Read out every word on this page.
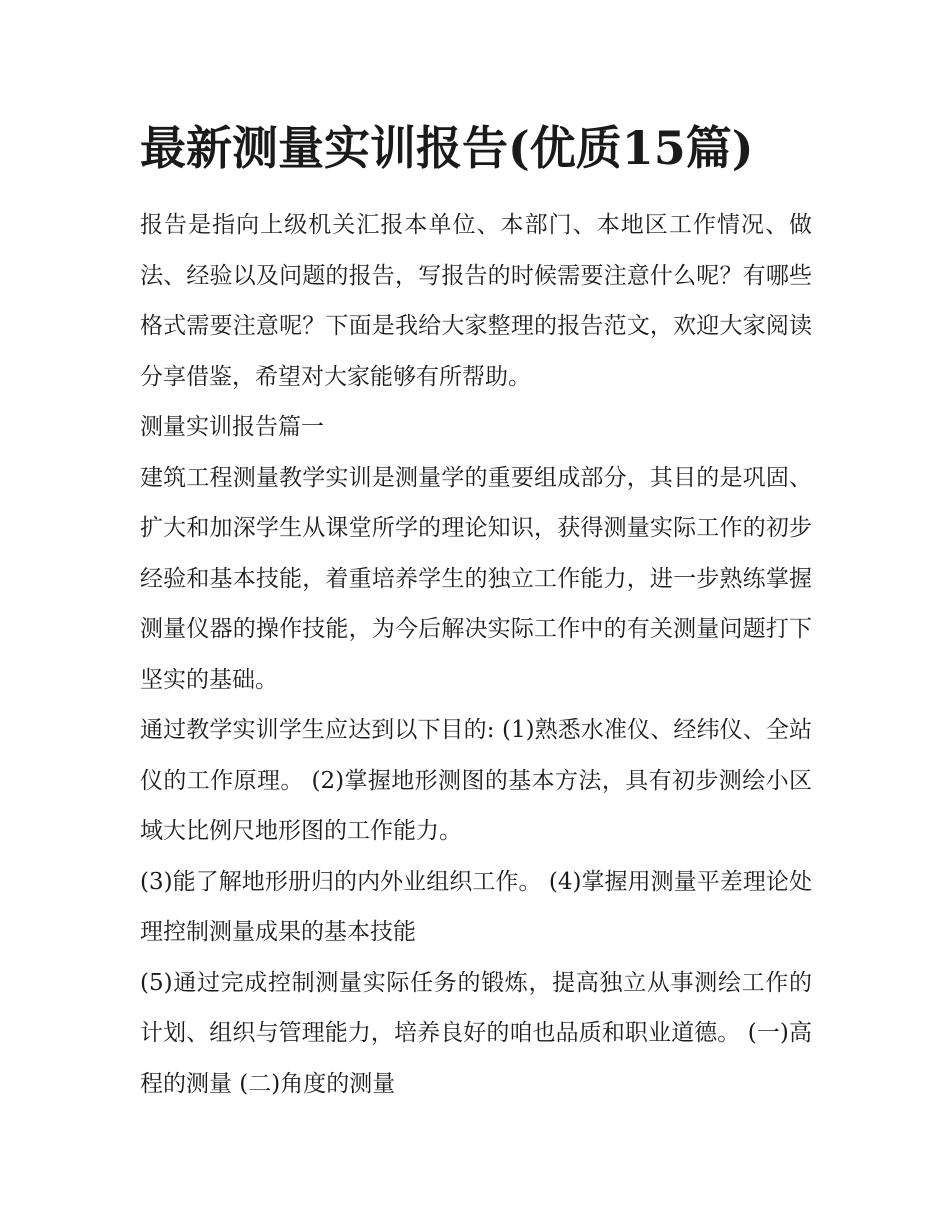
最新测量实训报告(优质15篇)

报告是指向上级机关汇报本单位、本部门、本地区工作情况、做法、经验以及问题的报告，写报告的时候需要注意什么呢？有哪些格式需要注意呢？下面是我给大家整理的报告范文，欢迎大家阅读分享借鉴，希望对大家能够有所帮助。

测量实训报告篇一

建筑工程测量教学实训是测量学的重要组成部分，其目的是巩固、扩大和加深学生从课堂所学的理论知识，获得测量实际工作的初步经验和基本技能，着重培养学生的独立工作能力，进一步熟练掌握测量仪器的操作技能，为今后解决实际工作中的有关测量问题打下坚实的基础。

通过教学实训学生应达到以下目的: (1)熟悉水准仪、经纬仪、全站仪的工作原理。 (2)掌握地形测图的基本方法，具有初步测绘小区域大比例尺地形图的工作能力。

(3)能了解地形册归的内外业组织工作。 (4)掌握用测量平差理论处理控制测量成果的基本技能

(5)通过完成控制测量实际任务的锻炼，提高独立从事测绘工作的计划、组织与管理能力，培养良好的咱也品质和职业道德。 (一)高程的测量 (二)角度的测量
